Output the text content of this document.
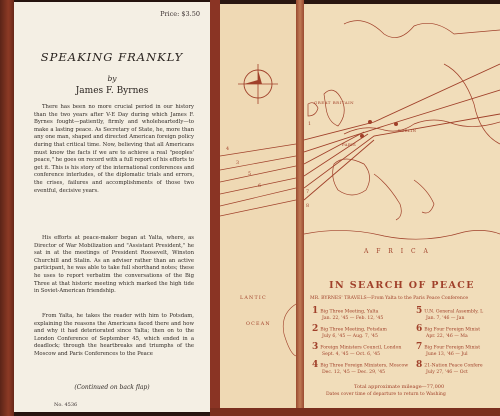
Price: $3.50
SPEAKING FRANKLY
by
James F. Byrnes
There has been no more crucial period in our history than the two years after V-E Day during which James F. Byrnes fought—patiently, firmly and wholeheartedly—to make a lasting peace. As Secretary of State, he, more than any one man, shaped and directed American foreign policy during that critical time. Now, believing that all Americans must know the facts if we are to achieve a real "peoples' peace," he goes on record with a full report of his efforts to get it. This is his story of the international conferences and conference interludes, of the diplomatic trials and errors, the crises, failures and accomplishments of those two eventful, decisive years.
His efforts at peace-maker began at Yalta, where, as Director of War Mobilization and "Assistant President," he sat in at the meetings of President Roosevelt, Winston Churchill and Stalin. As an adviser rather than an active participant, he was able to take full shorthand notes; these he uses to report verbatim the conversations of the Big Three at that historic meeting which marked the high tide in Soviet-American friendship.
From Yalta, he takes the reader with him to Potsdam, explaining the reasons the Americans faced there and how and why it had deteriorated since Yalta; then on to the London Conference of September 45, which ended in a deadlock; through the heartbreaks and triumphs of the Moscow and Paris Conferences to the Peace
(Continued on back flap)
No. 4536
4
3
5
6
LANTIC
OCEAN
GREAT BRITAIN
PARIS
BERLIN
7
8
1
A F R I C A
IN SEARCH OF PEACE
MR. BYRNES' TRAVELS—From Yalta to the Paris Peace Conference
1 Big Three Meeting, Yalta
Jan. 22, '45 — Feb. 12, '45
2 Big Three Meeting, Potsdam
July 6, '45 — Aug. 7, '45
3 Foreign Ministers Council, London
Sept. 4, '45 — Oct. 6, '45
4 Big Three Foreign Ministers, Moscow
Dec. 12, '45 — Dec. 29, '45
5 U.N. General Assembly, L
Jan. 7, '46 — Jan
6 Big Four Foreign Minist
Apr. 22, '46 — Ma
7 Big Four Foreign Minist
June 13, '46 — Jul
8 21-Nation Peace Confere
July 27, '46 — Oct
Total approximate mileage—77,000
Dates cover time of departure to return to Washing
